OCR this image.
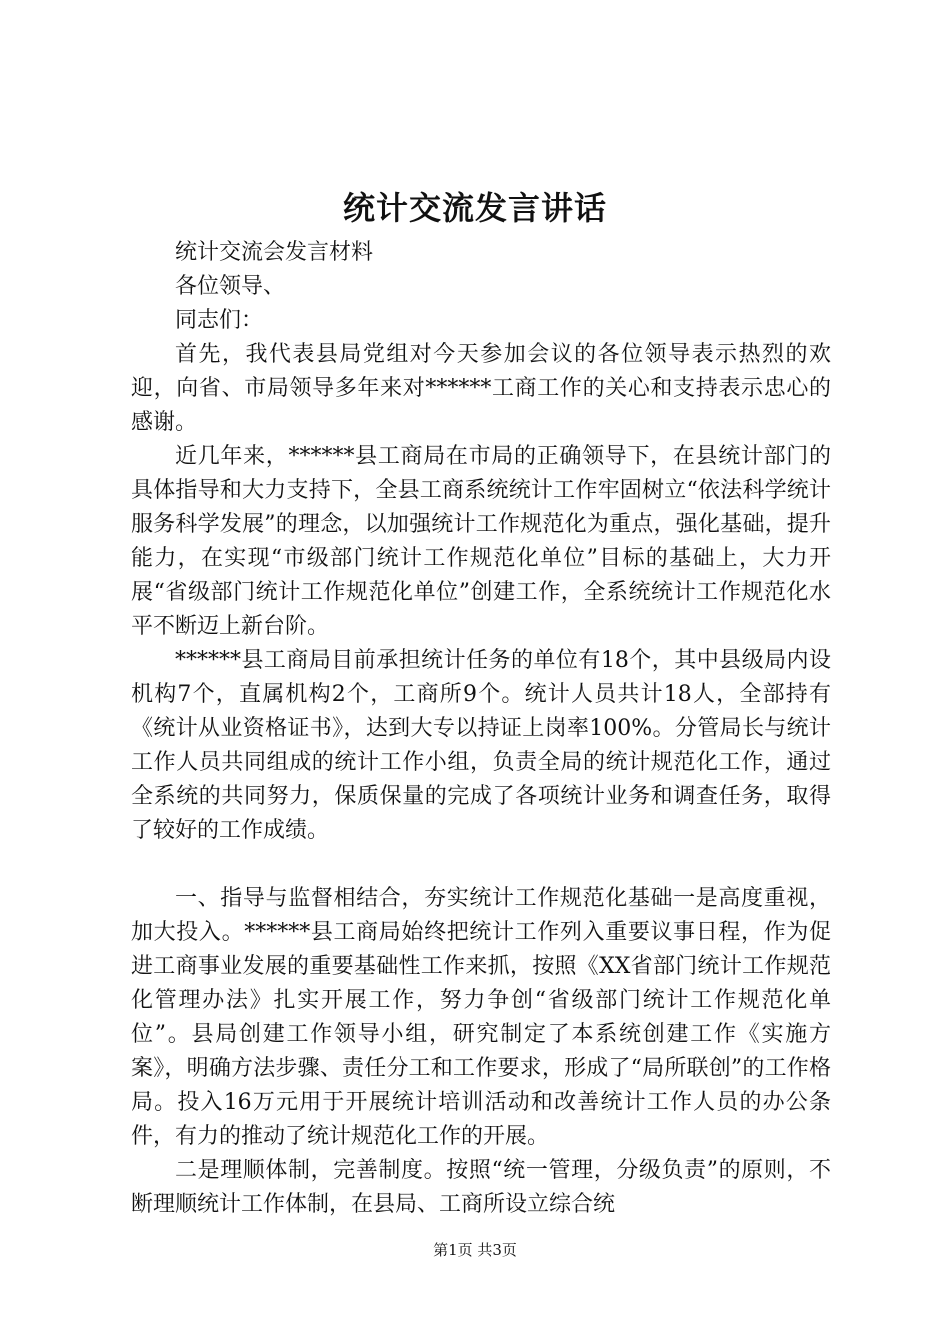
统计交流发言讲话

统计交流会发言材料

各位领导、

同志们：

首先，我代表县局党组对今天参加会议的各位领导表示热烈的欢迎，向省、市局领导多年来对******工商工作的关心和支持表示忠心的感谢。

近几年来，******县工商局在市局的正确领导下，在县统计部门的具体指导和大力支持下，全县工商系统统计工作牢固树立“依法科学统计服务科学发展”的理念，以加强统计工作规范化为重点，强化基础，提升能力，在实现“市级部门统计工作规范化单位”目标的基础上，大力开展“省级部门统计工作规范化单位”创建工作，全系统统计工作规范化水平不断迈上新台阶。

******县工商局目前承担统计任务的单位有18个，其中县级局内设机构7个，直属机构2个，工商所9个。统计人员共计18人，全部持有《统计从业资格证书》，达到大专以持证上岗率100%。分管局长与统计工作人员共同组成的统计工作小组，负责全局的统计规范化工作，通过全系统的共同努力，保质保量的完成了各项统计业务和调查任务，取得了较好的工作成绩。

一、指导与监督相结合，夯实统计工作规范化基础一是高度重视，加大投入。******县工商局始终把统计工作列入重要议事日程，作为促进工商事业发展的重要基础性工作来抓，按照《XX省部门统计工作规范化管理办法》扎实开展工作，努力争创“省级部门统计工作规范化单位”。县局创建工作领导小组，研究制定了本系统创建工作《实施方案》，明确方法步骤、责任分工和工作要求，形成了“局所联创”的工作格局。投入16万元用于开展统计培训活动和改善统计工作人员的办公条件，有力的推动了统计规范化工作的开展。

二是理顺体制，完善制度。按照“统一管理，分级负责”的原则，不断理顺统计工作体制，在县局、工商所设立综合统

第1页 共3页
